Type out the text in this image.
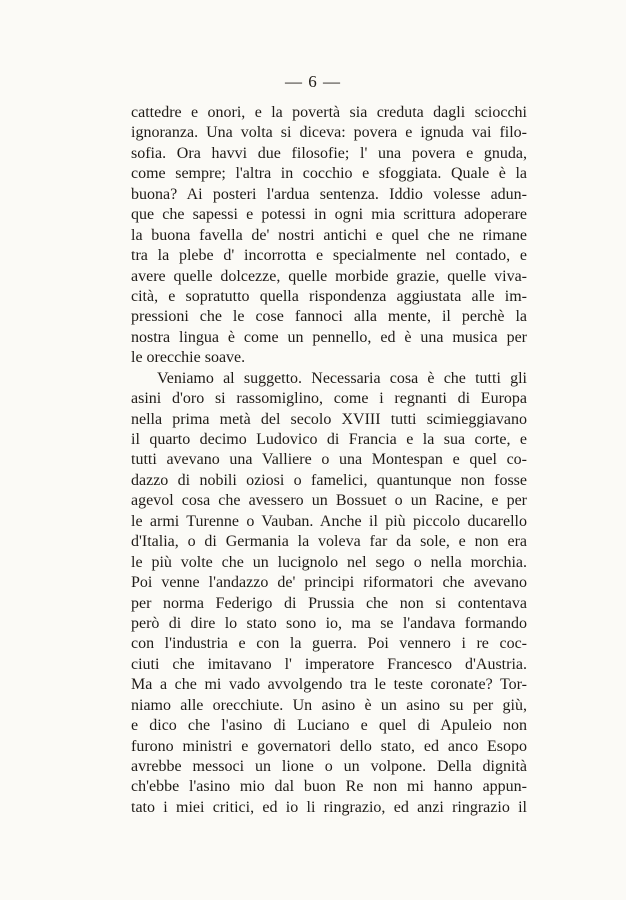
— 6 —
cattedre e onori, e la povertà sia creduta dagli sciocchi
ignoranza. Una volta si diceva: povera e ignuda vai filo-
sofia. Ora havvi due filosofie; l' una povera e gnuda,
come sempre; l'altra in cocchio e sfoggiata. Quale è la
buona? Ai posteri l'ardua sentenza. Iddio volesse adun-
que che sapessi e potessi in ogni mia scrittura adoperare
la buona favella de' nostri antichi e quel che ne rimane
tra la plebe d' incorrotta e specialmente nel contado, e
avere quelle dolcezze, quelle morbide grazie, quelle viva-
cità, e sopratutto quella rispondenza aggiustata alle im-
pressioni che le cose fannoci alla mente, il perchè la
nostra lingua è come un pennello, ed è una musica per
le orecchie soave.
Veniamo al suggetto. Necessaria cosa è che tutti gli
asini d'oro si rassomiglino, come i regnanti di Europa
nella prima metà del secolo XVIII tutti scimieggiavano
il quarto decimo Ludovico di Francia e la sua corte, e
tutti avevano una Valliere o una Montespan e quel co-
dazzo di nobili oziosi o famelici, quantunque non fosse
agevol cosa che avessero un Bossuet o un Racine, e per
le armi Turenne o Vauban. Anche il più piccolo ducarello
d'Italia, o di Germania la voleva far da sole, e non era
le più volte che un lucignolo nel sego o nella morchia.
Poi venne l'andazzo de' principi riformatori che avevano
per norma Federigo di Prussia che non si contentava
però di dire lo stato sono io, ma se l'andava formando
con l'industria e con la guerra. Poi vennero i re coc-
ciuti che imitavano l' imperatore Francesco d'Austria.
Ma a che mi vado avvolgendo tra le teste coronate? Tor-
niamo alle orecchiute. Un asino è un asino su per giù,
e dico che l'asino di Luciano e quel di Apuleio non
furono ministri e governatori dello stato, ed anco Esopo
avrebbe messoci un lione o un volpone. Della dignità
ch'ebbe l'asino mio dal buon Re non mi hanno appun-
tato i miei critici, ed io li ringrazio, ed anzi ringrazio il
